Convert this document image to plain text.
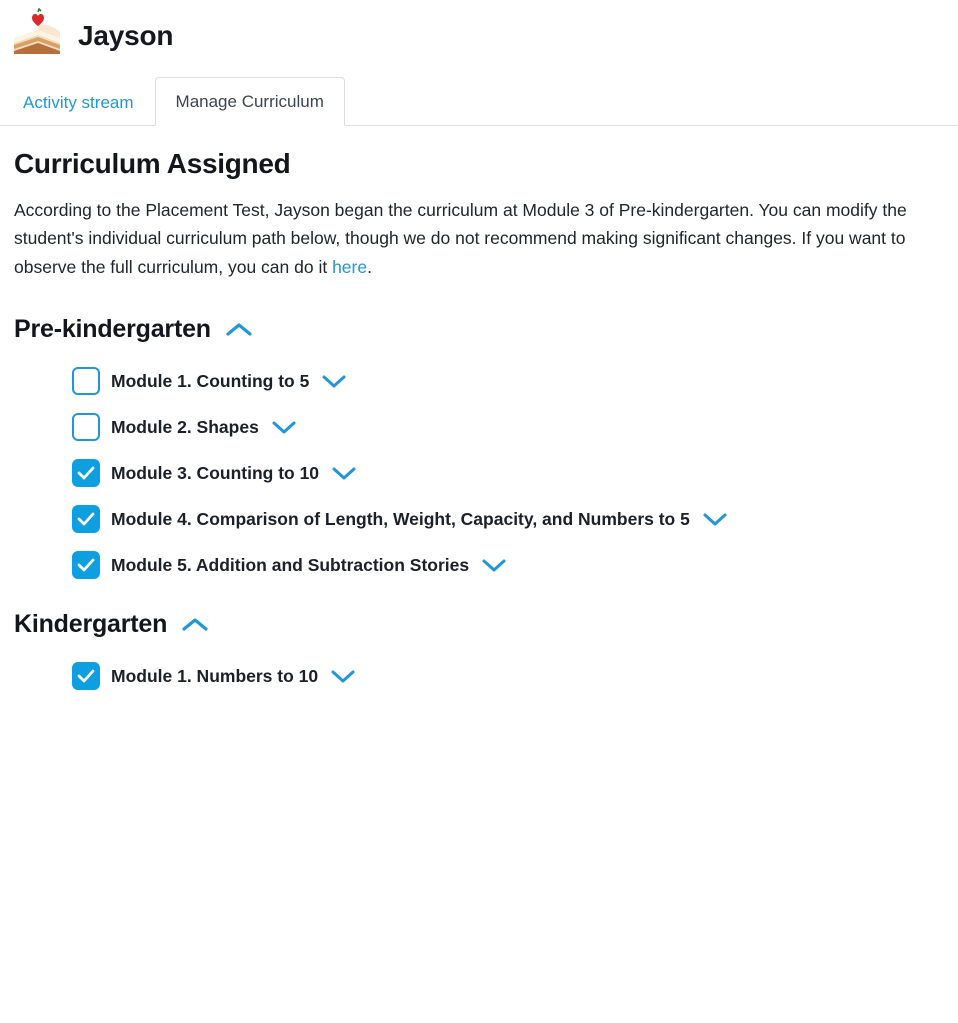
Jayson
Activity stream	Manage Curriculum
Curriculum Assigned

According to the Placement Test, Jayson began the curriculum at Module 3 of Pre-kindergarten. You can modify the student's individual curriculum path below, though we do not recommend making significant changes. If you want to observe the full curriculum, you can do it here.

Pre-kindergarten
Module 1. Counting to 5
Module 2. Shapes
Module 3. Counting to 10
Module 4. Comparison of Length, Weight, Capacity, and Numbers to 5
Module 5. Addition and Subtraction Stories
Kindergarten
Module 1. Numbers to 10
